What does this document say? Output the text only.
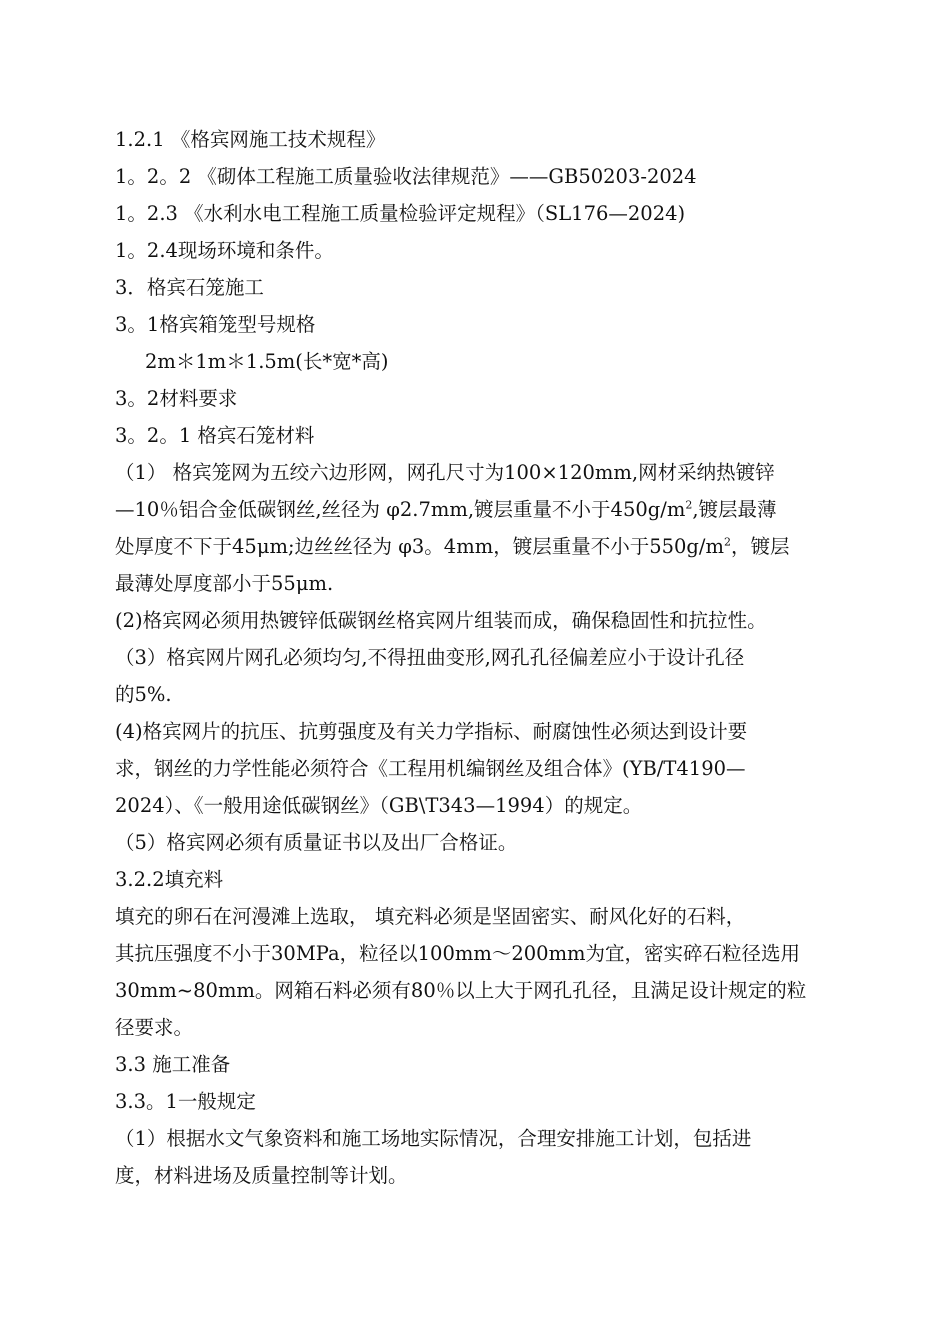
1.2.1 《格宾网施工技术规程》
1。2。2 《砌体工程施工质量验收法律规范》——GB50203-2024
1。2.3 《水利水电工程施工质量检验评定规程》（SL176—2024)
1。2.4现场环境和条件。
3．格宾石笼施工
3。1格宾箱笼型号规格
2m＊1m＊1.5m(长*宽*高)
3。2材料要求
3。2。1 格宾石笼材料
（1） 格宾笼网为五绞六边形网，网孔尺寸为100×120mm,网材采纳热镀锌
—10％铝合金低碳钢丝,丝径为 φ2.7mm,镀层重量不小于$450g/m^2$,镀层最薄
处厚度不下于45μm;边丝丝径为 φ3。4mm，镀层重量不小于$550g/m^2$，镀层
最薄处厚度部小于55μm.
(2)格宾网必须用热镀锌低碳钢丝格宾网片组装而成，确保稳固性和抗拉性。
（3）格宾网片网孔必须均匀,不得扭曲变形,网孔孔径偏差应小于设计孔径
的5%.
(4)格宾网片的抗压、抗剪强度及有关力学指标、耐腐蚀性必须达到设计要
求，钢丝的力学性能必须符合《工程用机编钢丝及组合体》(YB/T4190—
2024）、《一般用途低碳钢丝》（GB\T343—1994）的规定。
（5）格宾网必须有质量证书以及出厂合格证。
3.2.2填充料
填充的卵石在河漫滩上选取， 填充料必须是坚固密实、耐风化好的石料，
其抗压强度不小于30MPa，粒径以100mm～200mm为宜，密实碎石粒径选用
30mm~80mm。网箱石料必须有80％以上大于网孔孔径，且满足设计规定的粒
径要求。
3.3 施工准备
3.3。1一般规定
（1）根据水文气象资料和施工场地实际情况，合理安排施工计划，包括进
度，材料进场及质量控制等计划。
